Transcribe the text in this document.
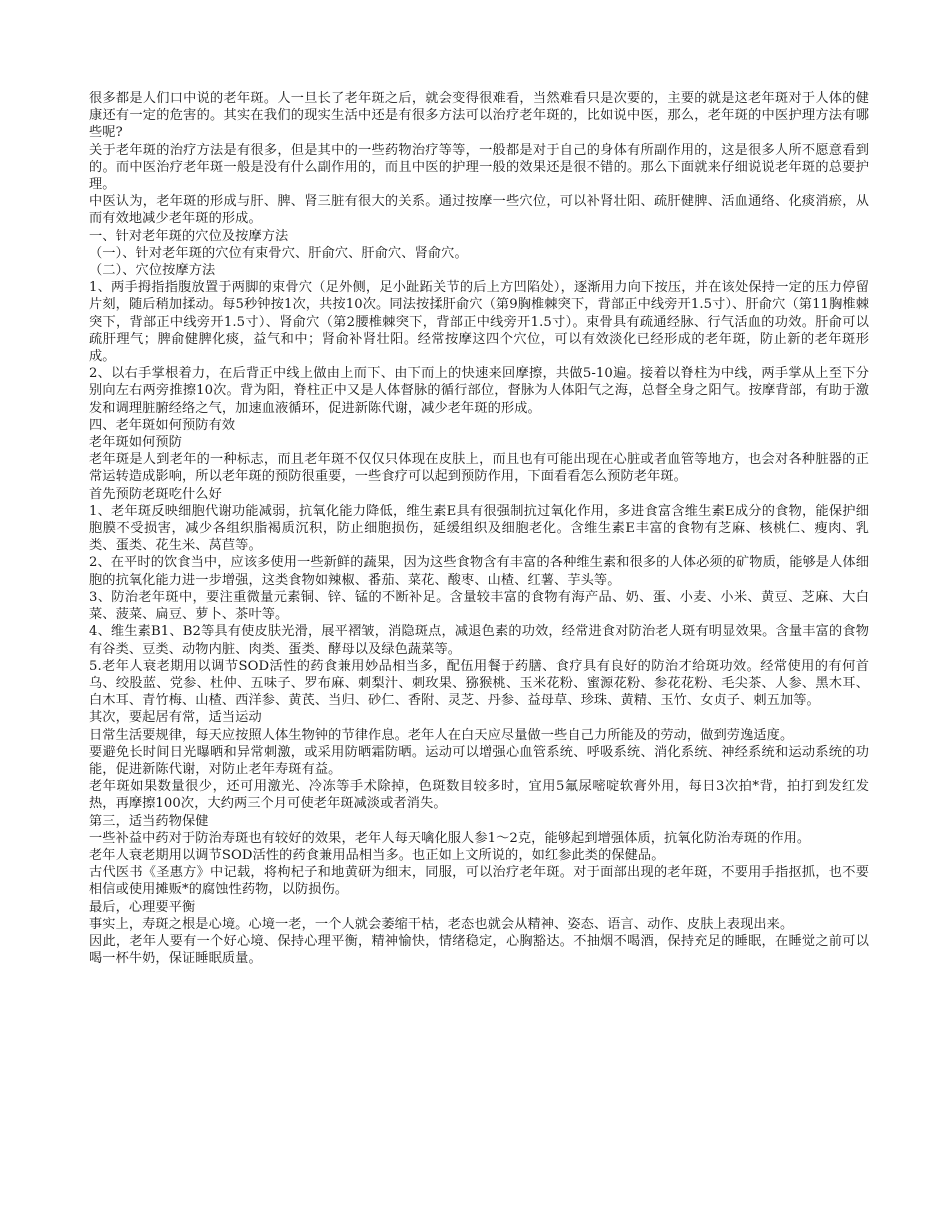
很多都是人们口中说的老年斑。人一旦长了老年斑之后，就会变得很难看，当然难看只是次要的，主要的就是这老年斑对于人体的健康还有一定的危害的。其实在我们的现实生活中还是有很多方法可以治疗老年斑的，比如说中医，那么，老年斑的中医护理方法有哪些呢?

关于老年斑的治疗方法是有很多，但是其中的一些药物治疗等等，一般都是对于自己的身体有所副作用的，这是很多人所不愿意看到的。而中医治疗老年斑一般是没有什么副作用的，而且中医的护理一般的效果还是很不错的。那么下面就来仔细说说老年斑的总要护理。

中医认为，老年斑的形成与肝、脾、肾三脏有很大的关系。通过按摩一些穴位，可以补肾壮阳、疏肝健脾、活血通络、化痰消瘀，从而有效地减少老年斑的形成。

一、针对老年斑的穴位及按摩方法

（一）、针对老年斑的穴位有束骨穴、肝俞穴、肝俞穴、肾俞穴。

（二）、穴位按摩方法

1、两手拇指指腹放置于两脚的束骨穴（足外侧，足小趾跖关节的后上方凹陷处），逐渐用力向下按压，并在该处保持一定的压力停留片刻，随后稍加揉动。每5秒钟按1次，共按10次。同法按揉肝俞穴（第9胸椎棘突下，背部正中线旁开1.5寸）、肝俞穴（第11胸椎棘突下，背部正中线旁开1.5寸）、肾俞穴（第2腰椎棘突下，背部正中线旁开1.5寸）。束骨具有疏通经脉、行气活血的功效。肝俞可以疏肝理气；脾俞健脾化痰，益气和中；肾俞补肾壮阳。经常按摩这四个穴位，可以有效淡化已经形成的老年斑，防止新的老年斑形成。

2、以右手掌根着力，在后背正中线上做由上而下、由下而上的快速来回摩擦，共做5-10遍。接着以脊柱为中线，两手掌从上至下分别向左右两旁推擦10次。背为阳，脊柱正中又是人体督脉的循行部位，督脉为人体阳气之海，总督全身之阳气。按摩背部，有助于激发和调理脏腑经络之气，加速血液循环，促进新陈代谢，减少老年斑的形成。

四、老年斑如何预防有效

老年斑如何预防

老年斑是人到老年的一种标志，而且老年斑不仅仅只体现在皮肤上，而且也有可能出现在心脏或者血管等地方，也会对各种脏器的正常运转造成影响，所以老年斑的预防很重要，一些食疗可以起到预防作用，下面看看怎么预防老年斑。

首先预防老斑吃什么好

1、老年斑反映细胞代谢功能减弱，抗氧化能力降低，维生素E具有很强制抗过氧化作用，多进食富含维生素E成分的食物，能保护细胞膜不受损害，减少各组织脂褐质沉积，防止细胞损伤，延缓组织及细胞老化。含维生素E丰富的食物有芝麻、核桃仁、瘦肉、乳类、蛋类、花生米、莴苣等。

2、在平时的饮食当中，应该多使用一些新鲜的蔬果，因为这些食物含有丰富的各种维生素和很多的人体必须的矿物质，能够是人体细胞的抗氧化能力进一步增强，这类食物如辣椒、番茄、菜花、酸枣、山楂、红薯、芋头等。

3、防治老年斑中，要注重微量元素铜、锌、锰的不断补足。含量较丰富的食物有海产品、奶、蛋、小麦、小米、黄豆、芝麻、大白菜、菠菜、扁豆、萝卜、茶叶等。

4、维生素B1、B2等具有使皮肤光滑，展平褶皱，消隐斑点，减退色素的功效，经常进食对防治老人斑有明显效果。含量丰富的食物有谷类、豆类、动物内脏、肉类、蛋类、酵母以及绿色蔬菜等。

5.老年人衰老期用以调节SOD活性的药食兼用妙品相当多，配伍用餐于药膳、食疗具有良好的防治才给斑功效。经常使用的有何首乌、绞股蓝、党参、杜仲、五味子、罗布麻、刺梨汁、刺玫果、猕猴桃、玉米花粉、蜜源花粉、参花花粉、毛尖茶、人参、黑木耳、白木耳、青竹梅、山楂、西洋参、黄芪、当归、砂仁、香附、灵芝、丹参、益母草、珍珠、黄精、玉竹、女贞子、刺五加等。

其次，要起居有常，适当运动

日常生活要规律，每天应按照人体生物钟的节律作息。老年人在白天应尽量做一些自己力所能及的劳动，做到劳逸适度。

要避免长时间日光曝晒和异常刺激，或采用防晒霜防晒。运动可以增强心血管系统、呼吸系统、消化系统、神经系统和运动系统的功能，促进新陈代谢，对防止老年寿斑有益。

老年斑如果数量很少，还可用激光、冷冻等手术除掉，色斑数目较多时，宜用5氟尿嘧啶软膏外用，每日3次拍*背，拍打到发红发热，再摩擦100次，大约两三个月可使老年斑减淡或者消失。

第三，适当药物保健

一些补益中药对于防治寿斑也有较好的效果，老年人每天噙化服人参1～2克，能够起到增强体质，抗氧化防治寿斑的作用。

老年人衰老期用以调节SOD活性的药食兼用品相当多。也正如上文所说的，如红参此类的保健品。

古代医书《圣惠方》中记载，将枸杞子和地黄研为细末，同服，可以治疗老年斑。对于面部出现的老年斑，不要用手指抠抓，也不要相信或使用摊贩*的腐蚀性药物，以防损伤。

最后，心理要平衡

事实上，寿斑之根是心境。心境一老，一个人就会萎缩干枯，老态也就会从精神、姿态、语言、动作、皮肤上表现出来。

因此，老年人要有一个好心境、保持心理平衡，精神愉快，情绪稳定，心胸豁达。不抽烟不喝酒，保持充足的睡眠，在睡觉之前可以喝一杯牛奶，保证睡眠质量。
